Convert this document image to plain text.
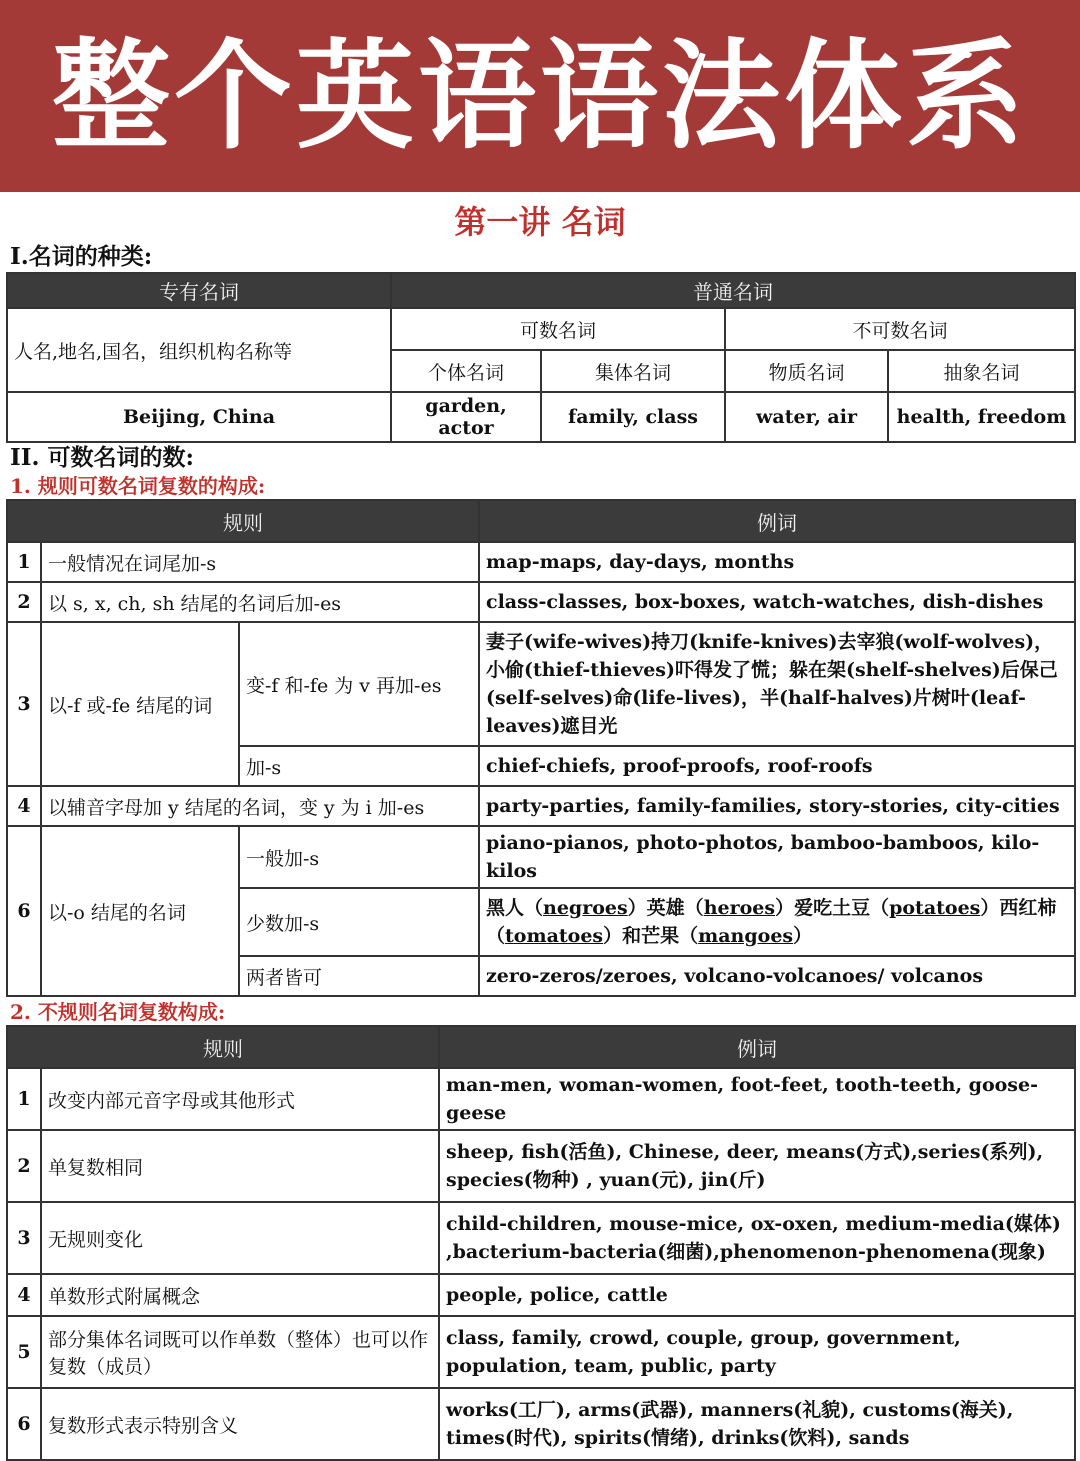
整个英语语法体系
第一讲 名词
I.名词的种类:
专有名词	普通名词			
人名,地名,国名，组织机构名称等	可数名词		不可数名词	
	个体名词	集体名词	物质名词	抽象名词
Beijing, China	garden, actor	family, class	water, air	health, freedom
II. 可数名词的数:
1. 规则可数名词复数的构成:
规则			例词
1	一般情况在词尾加-s		map-maps, day-days, months
2	以 s, x, ch, sh 结尾的名词后加-es		class-classes, box-boxes, watch-watches, dish-dishes
3	以-f 或-fe 结尾的词	变-f 和-fe 为 v 再加-es	妻子(wife-wives)持刀(knife-knives)去宰狼(wolf-wolves)，小偷(thief-thieves)吓得发了慌；躲在架(shelf-shelves)后保己(self-selves)命(life-lives)，半(half-halves)片树叶(leaf-leaves)遮目光
		加-s	chief-chiefs, proof-proofs, roof-roofs
4	以辅音字母加 y 结尾的名词，变 y 为 i 加-es		party-parties, family-families, story-stories, city-cities
6	以-o 结尾的名词	一般加-s	piano-pianos, photo-photos, bamboo-bamboos, kilo-kilos
		少数加-s	黑人（negroes）英雄（heroes）爱吃土豆（potatoes）西红柿（tomatoes）和芒果（mangoes）
		两者皆可	zero-zeros/zeroes, volcano-volcanoes/ volcanos
2. 不规则名词复数构成:
规则		例词
1	改变内部元音字母或其他形式	man-men, woman-women, foot-feet, tooth-teeth, goose-geese
2	单复数相同	sheep, fish(活鱼), Chinese, deer, means(方式),series(系列), species(物种) , yuan(元), jin(斤)
3	无规则变化	child-children, mouse-mice, ox-oxen, medium-media(媒体) ,bacterium-bacteria(细菌),phenomenon-phenomena(现象)
4	单数形式附属概念	people, police, cattle
5	部分集体名词既可以作单数（整体）也可以作复数（成员）	class, family, crowd, couple, group, government, population, team, public, party
6	复数形式表示特别含义	works(工厂), arms(武器), manners(礼貌), customs(海关), times(时代), spirits(情绪), drinks(饮料), sands
